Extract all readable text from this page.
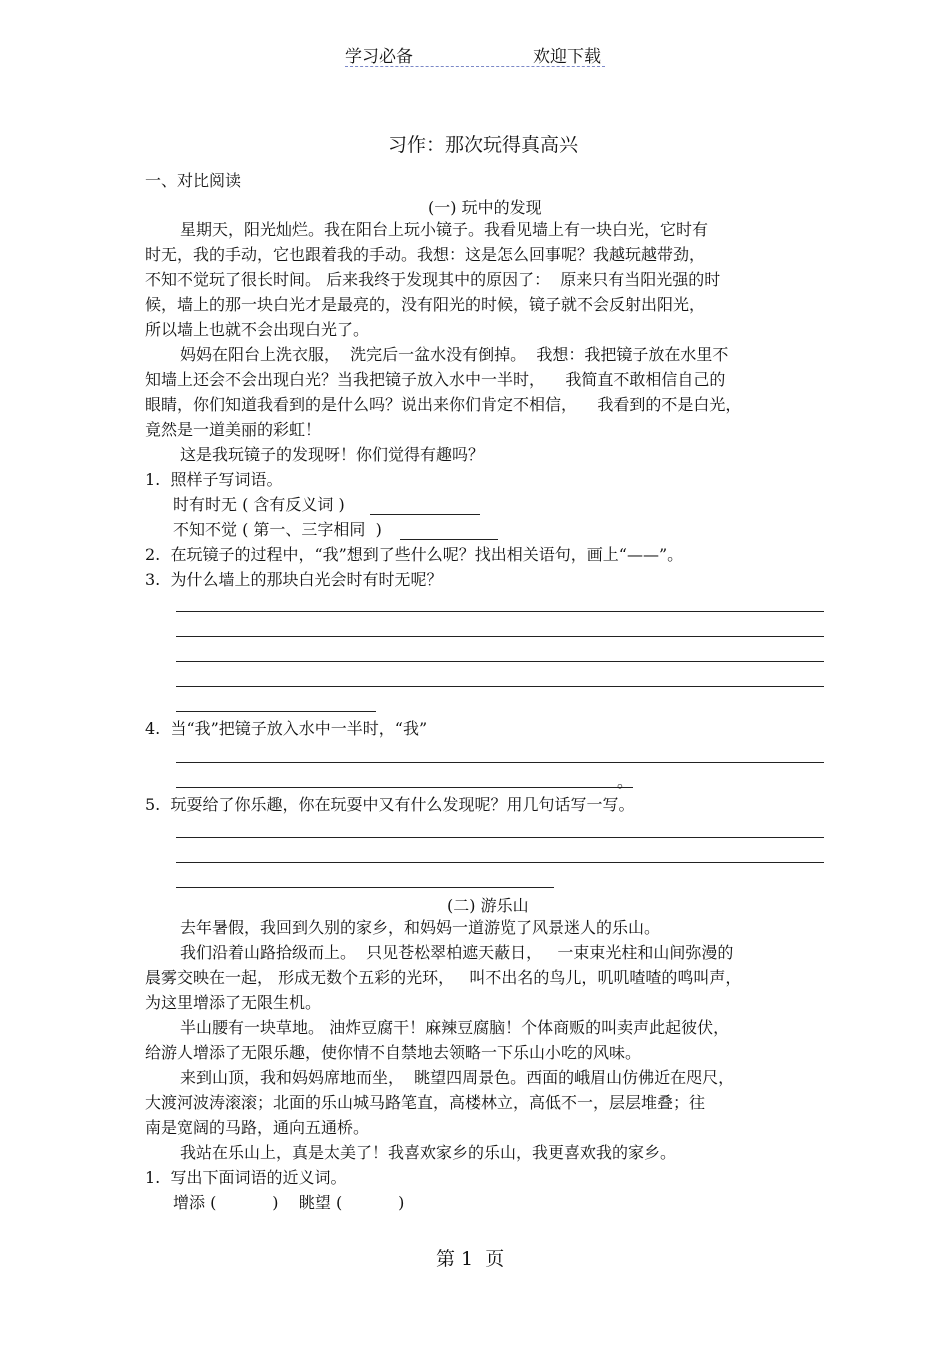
学习必备	欢迎下载
习作：那次玩得真高兴
一、对比阅读
(一) 玩中的发现
星期天，阳光灿烂。我在阳台上玩小镜子。我看见墙上有一块白光，它时有
时无，我的手动，它也跟着我的手动。我想：这是怎么回事呢？我越玩越带劲，
不知不觉玩了很长时间。 后来我终于发现其中的原因了：  原来只有当阳光强的时
候，墙上的那一块白光才是最亮的，没有阳光的时候，镜子就不会反射出阳光，
所以墙上也就不会出现白光了。
妈妈在阳台上洗衣服，  洗完后一盆水没有倒掉。  我想：我把镜子放在水里不
知墙上还会不会出现白光？当我把镜子放入水中一半时，    我简直不敢相信自己的
眼睛，你们知道我看到的是什么吗？说出来你们肯定不相信，    我看到的不是白光，
竟然是一道美丽的彩虹！
这是我玩镜子的发现呀！你们觉得有趣吗？
1.  照样子写词语。
时有时无 ( 含有反义词 )
不知不觉 ( 第一、三字相同  )
2.  在玩镜子的过程中，“我”想到了些什么呢？找出相关语句，画上“——”。
3.  为什么墙上的那块白光会时有时无呢？
4.  当“我”把镜子放入水中一半时，“我”
。
5.  玩耍给了你乐趣，你在玩耍中又有什么发现呢？用几句话写一写。
(二) 游乐山
去年暑假，我回到久别的家乡，和妈妈一道游览了风景迷人的乐山。
我们沿着山路拾级而上。  只见苍松翠柏遮天蔽日，   一束束光柱和山间弥漫的
晨雾交映在一起， 形成无数个五彩的光环，   叫不出名的鸟儿，叽叽喳喳的鸣叫声，
为这里增添了无限生机。
半山腰有一块草地。 油炸豆腐干！麻辣豆腐脑！个体商贩的叫卖声此起彼伏，
给游人增添了无限乐趣，使你情不自禁地去领略一下乐山小吃的风味。
来到山顶，我和妈妈席地而坐，  眺望四周景色。西面的峨眉山仿佛近在咫尺，
大渡河波涛滚滚；北面的乐山城马路笔直，高楼林立，高低不一，层层堆叠；往
南是宽阔的马路，通向五通桥。
我站在乐山上，真是太美了！我喜欢家乡的乐山，我更喜欢我的家乡。
1.  写出下面词语的近义词。
增添 (           )    眺望 (           )
第 1  页
